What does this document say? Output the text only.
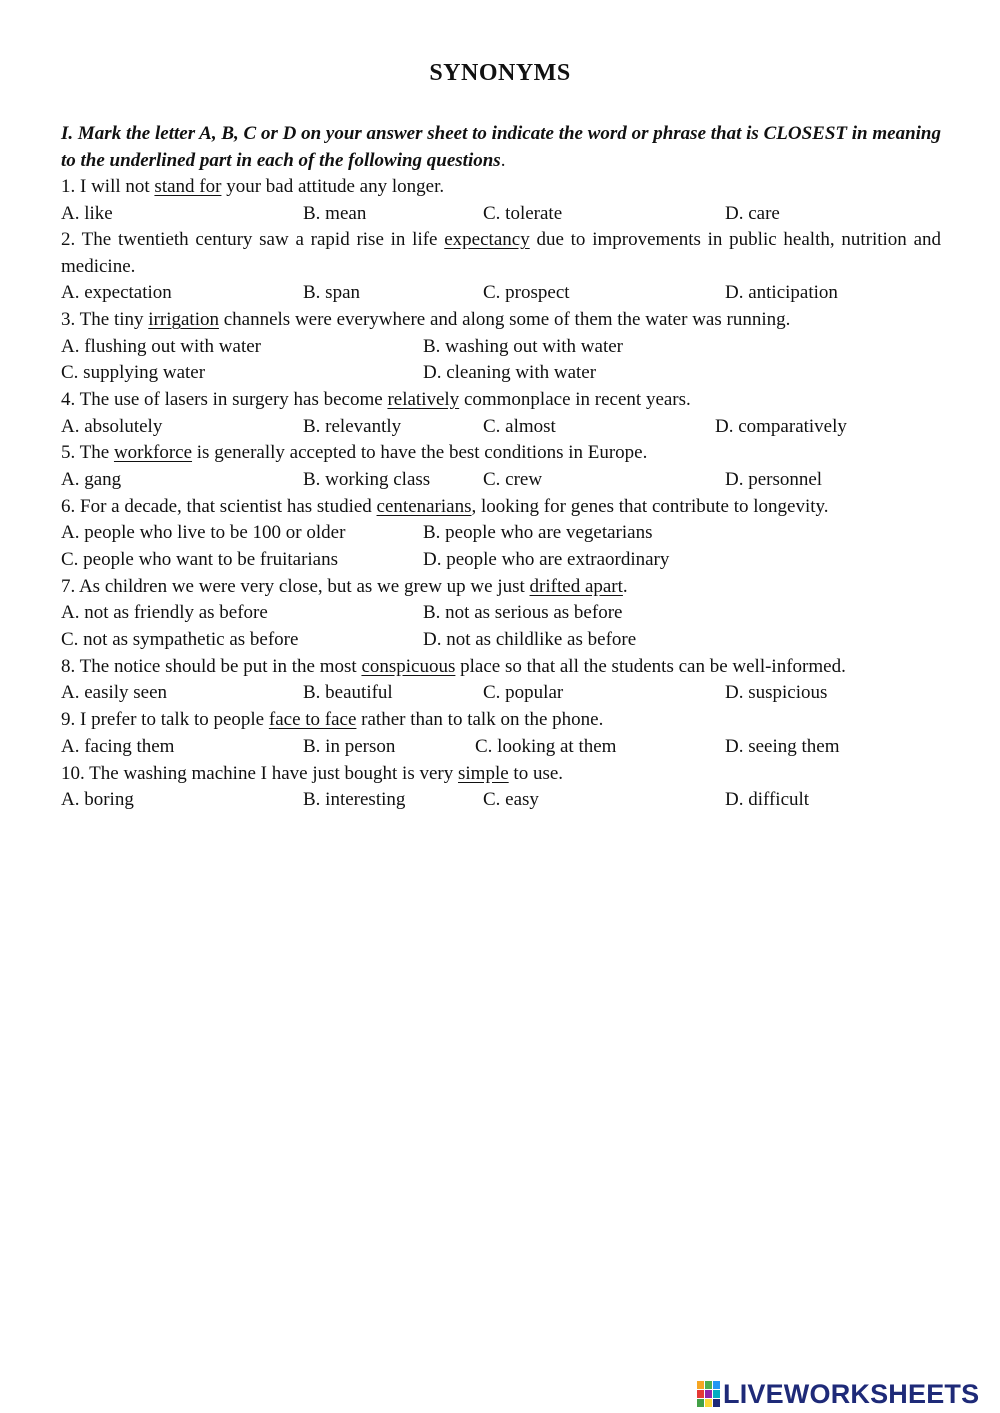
SYNONYMS

I. Mark the letter A, B, C or D on your answer sheet to indicate the word or phrase that is CLOSEST in meaning to the underlined part in each of the following questions.

1. I will not stand for your bad attitude any longer.

A. like	B. mean	C. tolerate	D. care

2. The twentieth century saw a rapid rise in life expectancy due to improvements in public health, nutrition and medicine.

A. expectation	B. span	C. prospect	D. anticipation

3. The tiny irrigation channels were everywhere and along some of them the water was running.

A. flushing out with water	B. washing out with water
C. supplying water	D. cleaning with water

4. The use of lasers in surgery has become relatively commonplace in recent years.

A. absolutely	B. relevantly	C. almost	D. comparatively

5. The workforce is generally accepted to have the best conditions in Europe.

A. gang	B. working class	C. crew	D. personnel

6. For a decade, that scientist has studied centenarians, looking for genes that contribute to longevity.

A. people who live to be 100 or older	B. people who are vegetarians
C. people who want to be fruitarians	D. people who are extraordinary

7. As children we were very close, but as we grew up we just drifted apart.

A. not as friendly as before	B. not as serious as before
C. not as sympathetic as before	D. not as childlike as before

8. The notice should be put in the most conspicuous place so that all the students can be well-informed.

A. easily seen	B. beautiful	C. popular	D. suspicious

9. I prefer to talk to people face to face rather than to talk on the phone.

A. facing them	B. in person	C. looking at them	D. seeing them

10. The washing machine I have just bought is very simple to use.

A. boring	B. interesting	C. easy	D. difficult
LIVEWORKSHEETS
